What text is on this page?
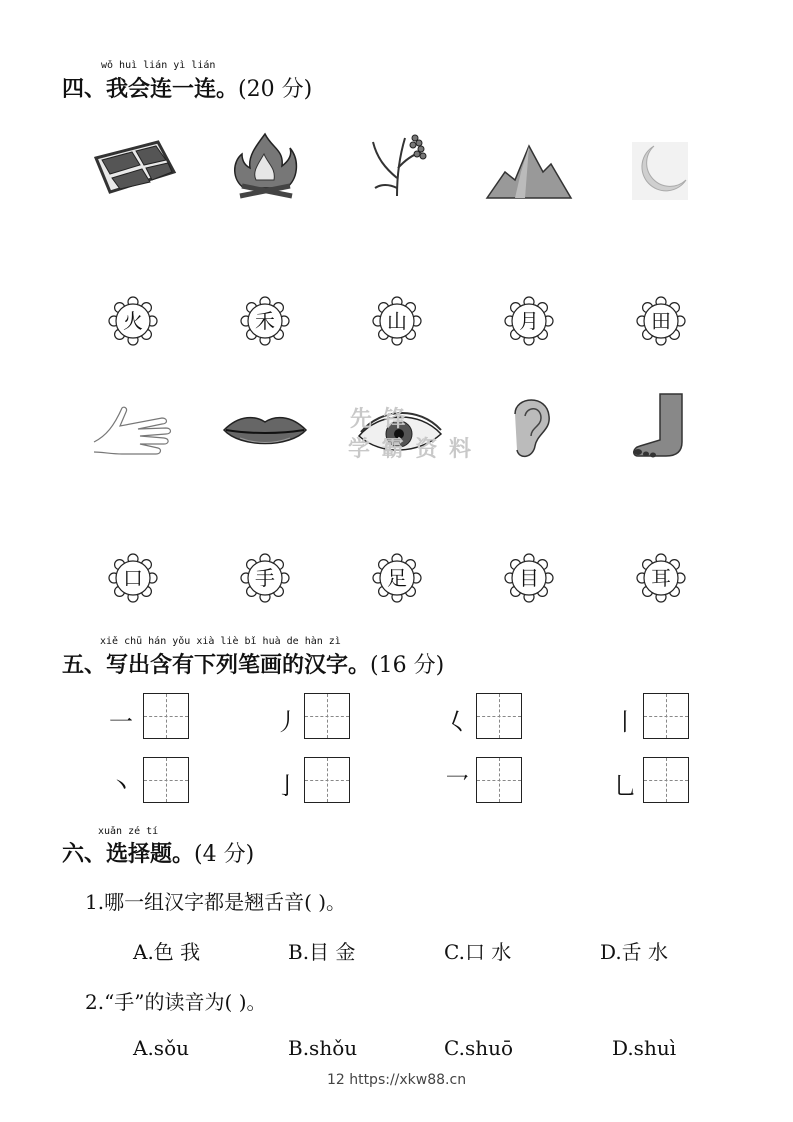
wǒ huì lián yì lián
四、我会连一连。(20 分)
火	禾	山	月	田
先 锋
学 霸 资 料
口	手	足	目	耳
xiě chū hán yǒu xià liè bǐ huà de hàn zì
五、写出含有下列笔画的汉字。(16 分)
一	丿	𡿨	丨
丶	亅	乛	乚
xuǎn zé tí
六、选择题。(4 分)
1.哪一组汉字都是翘舌音( )。
A.色 我	B.目 金	C.口 水	D.舌 水
2.“手”的读音为( )。
A.sǒu	B.shǒu	C.shuō	D.shuì
12 https://xkw88.cn
